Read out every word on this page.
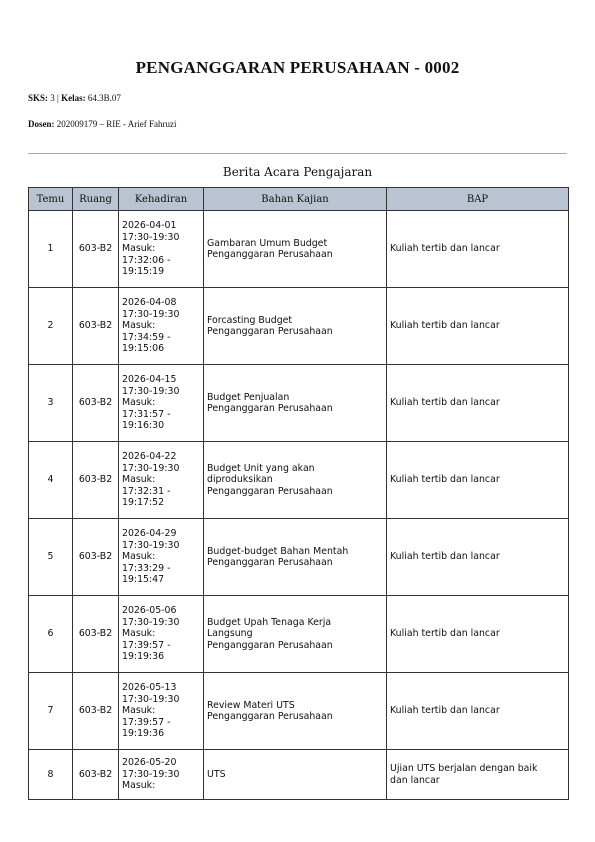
PENGANGGARAN PERUSAHAAN - 0002
SKS: 3 | Kelas: 64.3B.07
Dosen: 202009179 – RIE - Arief Fahruzi
Berita Acara Pengajaran
Temu	Ruang	Kehadiran	Bahan Kajian	BAP
1	603-B2	2026-04-01
17:30-19:30
Masuk:
17:32:06 -
19:15:19	Gambaran Umum Budget
Penganggaran Perusahaan	Kuliah tertib dan lancar
2	603-B2	2026-04-08
17:30-19:30
Masuk:
17:34:59 -
19:15:06	Forcasting Budget
Penganggaran Perusahaan	Kuliah tertib dan lancar
3	603-B2	2026-04-15
17:30-19:30
Masuk:
17:31:57 -
19:16:30	Budget Penjualan
Penganggaran Perusahaan	Kuliah tertib dan lancar
4	603-B2	2026-04-22
17:30-19:30
Masuk:
17:32:31 -
19:17:52	Budget Unit yang akan
diproduksikan
Penganggaran Perusahaan	Kuliah tertib dan lancar
5	603-B2	2026-04-29
17:30-19:30
Masuk:
17:33:29 -
19:15:47	Budget-budget Bahan Mentah
Penganggaran Perusahaan	Kuliah tertib dan lancar
6	603-B2	2026-05-06
17:30-19:30
Masuk:
17:39:57 -
19:19:36	Budget Upah Tenaga Kerja
Langsung
Penganggaran Perusahaan	Kuliah tertib dan lancar
7	603-B2	2026-05-13
17:30-19:30
Masuk:
17:39:57 -
19:19:36	Review Materi UTS
Penganggaran Perusahaan	Kuliah tertib dan lancar
8	603-B2	2026-05-20
17:30-19:30
Masuk:	UTS	Ujian UTS berjalan dengan baik
dan lancar
